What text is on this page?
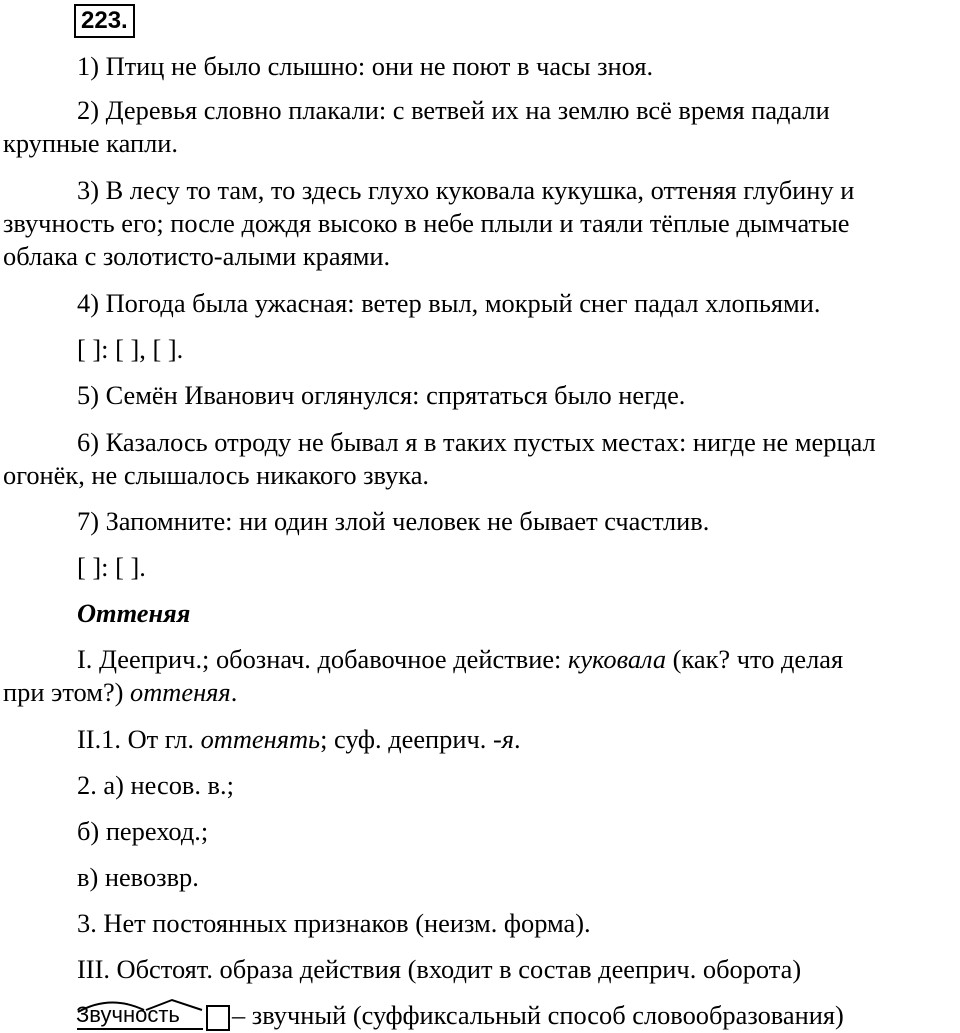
223.
1) Птиц не было слышно: они не поют в часы зноя.
2) Деревья словно плакали: с ветвей их на землю всё время падали
крупные капли.
3) В лесу то там, то здесь глухо куковала кукушка, оттеняя глубину и
звучность его; после дождя высоко в небе плыли и таяли тёплые дымчатые
облака с золотисто-алыми краями.
4) Погода была ужасная: ветер выл, мокрый снег падал хлопьями.
[ ]: [ ], [ ].
5) Семён Иванович оглянулся: спрятаться было негде.
6) Казалось отроду не бывал я в таких пустых местах: нигде не мерцал
огонёк, не слышалось никакого звука.
7) Запомните: ни один злой человек не бывает счастлив.
[ ]: [ ].
Оттеняя
I. Дееприч.; обознач. добавочное действие: куковала (как? что делая
при этом?) оттеняя.
II.1. От гл. оттенять; суф. дееприч. -я.
2. а) несов. в.;
б) переход.;
в) невозвр.
3. Нет постоянных признаков (неизм. форма).
III. Обстоят. образа действия (входит в состав дееприч. оборота)
Звучность – звучный (суффиксальный способ словообразования)
